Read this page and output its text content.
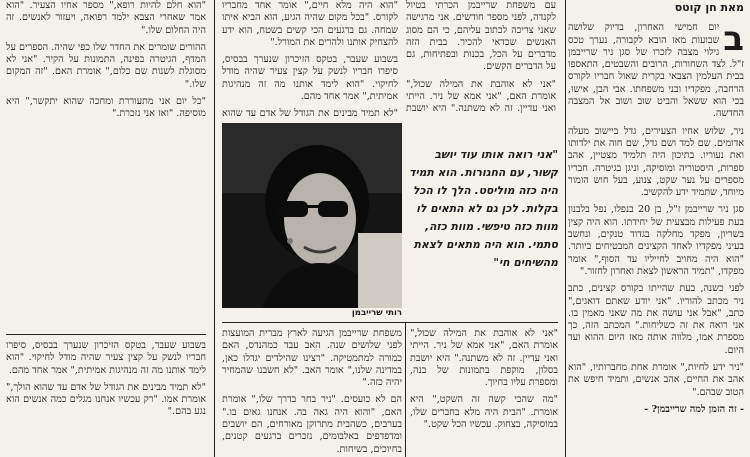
מאת חן קוטס
ב

יום חמישי האחרון, בדיוק שלושה שבועות מאז הובא לקבורה, נערך טכס גילוי מצבה לזכרו של סגן ניר שרייבמן ז"ל. לצד השחורות, הרובים והשבטים, התאספו בבית העלמין הצבאי בקרית שאול חבריו לקורס הרחבה, מפקדיו ובני משפחתו. אבי הבן, אישו, בכי הוא ששאל והביט שוב ושוב אל המצבה החדשה.

ניר, שלוש אחיו הצעירים, גדל ביישוב מעלה אדומים. שם למד ושם גדל, שם חוה את ילדותו ואת נעוריו. בתיכון היה תלמיד מצטיין, אהב ספרות, היסטוריה ומוסיקה, וניגן בגיטרה. חבריו מספרים על נער שקט, צנוע, בעל חוש הומור מיוחד, שתמיד ידע להקשיב.

סגן ניר שרייבמן ז"ל, בן 20 בנפלו, נפל בלבנון בעת פעילות מבצעית של יחידתו. הוא היה קצין בשריון, מפקד מחלקה בגדוד טנקים, ונחשב בעיני מפקדיו לאחד הקצינים המבטיחים ביותר. "הוא היה מחויב לחייליו עד הסוף," אומר מפקדו, "תמיד הראשון לצאת ואחרון לחזור."

לפני כשנה, בעת שהייתו בקורס קצינים, כתב ניר מכתב להוריו. "אני יודע שאתם דואגים," כתב, "אבל אני עושה את מה שאני מאמין בו. אני רואה את זה כשליחות." המכתב הזה, כך מספרת אמו, מלווה אותה מאז היום ההוא ועד היום.

"ניר ידע לחיות," אומרת אחת מחברותיו, "הוא אהב את החיים, אהב אנשים, ותמיד חיפש את הטוב שבהם."

- זה הזמן למה שרייבמן? -

עם משפחת שרייבמן הכרתי בטיול לקנדה, לפני מספר חודשים. אני מרגישה שאני צריכה לכתוב עליהם, כי הם מסוג האנשים שכדאי להכיר. בבית הזה מדברים על הכל, בכנות ובפתיחות, גם על הדברים הקשים.

"אני לא אוהבת את המילה שכול," אומרת האם, "אני אמא של ניר. הייתי ואני עדיין. זה לא משתנה." היא יושבת

"הוא היה מלא חיים," אומר אחד מחבריו לקורס. "בכל מקום שהיה הגיע, הוא הביא איתו שמחה. גם ברגעים הכי קשים בשטח, הוא ידע להצחיק אותנו ולהרים את המורל."

בשבוע שעבר, בטקס הזיכרון שנערך בבסיס, סיפרו חבריו לנשק על קצין צעיר שהיה מודל לחיקוי. "הוא לימד אותנו מה זה מנהיגות אמיתית," אמר אחד מהם.

"לא תמיד מבינים את הגודל של אדם עד שהוא

"הוא חלם להיות רופא," מספר אחיו הצעיר. "הוא אמר שאחרי הצבא ילמד רפואה, ויעזור לאנשים. זה היה החלום שלו."

ההורים שומרים את החדר שלו כפי שהיה. הספרים על המדף, הגיטרה בפינה, התמונות על הקיר. "אני לא מסוגלת לשנות שם כלום," אומרת האם. "זה המקום שלו."

"כל יום אני מתעוררת ומחכה שהוא יתקשר," היא מוסיפה. "ואז אני נזכרת."

רותי שרייבמן
"אני רואה אותו עוד יושב קשור, עם החגורות. הוא תמיד היה כזה מוליסט. הלך לו הכל בקלות. לכן גם לא התאים לו מוות כזה טיפשי. מוות כזה, סתמי. הוא היה מתאים לצאת מהשיחים חי"

משפחת שרייבמן הגיעה לארץ מברית המועצות לפני שלושים שנה. האב עבד כמהנדס, האם כמורה למתמטיקה. "רצינו שהילדים יגדלו כאן, במדינה שלנו," אומר האב. "לא חשבנו שהמחיר יהיה כזה."

הם לא כועסים. "ניר בחר בדרך שלו," אומרת האם, "והוא היה גאה בה. אנחנו גאים בו." בערבים, כשהבית מתרוקן מאורחים, הם יושבים ומדפדפים באלבומים, נזכרים ברגעים קטנים, בחיוכים, בשיחות.

"אני לא אוהבת את המילה שכול," אומרת האם, "אני אמא של ניר. הייתי ואני עדיין. זה לא משתנה." היא יושבת בסלון, מוקפת בתמונות של בנה, ומספרת עליו בחיוך.

"מה שהכי קשה זה השקט," היא אומרת. "הבית היה מלא בחברים שלו, במוסיקה, בצחוק. עכשיו הכל שקט."

בשבוע שעבר, בטקס הזיכרון שנערך בבסיס, סיפרו חבריו לנשק על קצין צעיר שהיה מודל לחיקוי. "הוא לימד אותנו מה זה מנהיגות אמיתית," אמר אחד מהם.

"לא תמיד מבינים את הגודל של אדם עד שהוא הולך," אומרת אמו. "רק עכשיו אנחנו מגלים כמה אנשים הוא נגע בהם."
